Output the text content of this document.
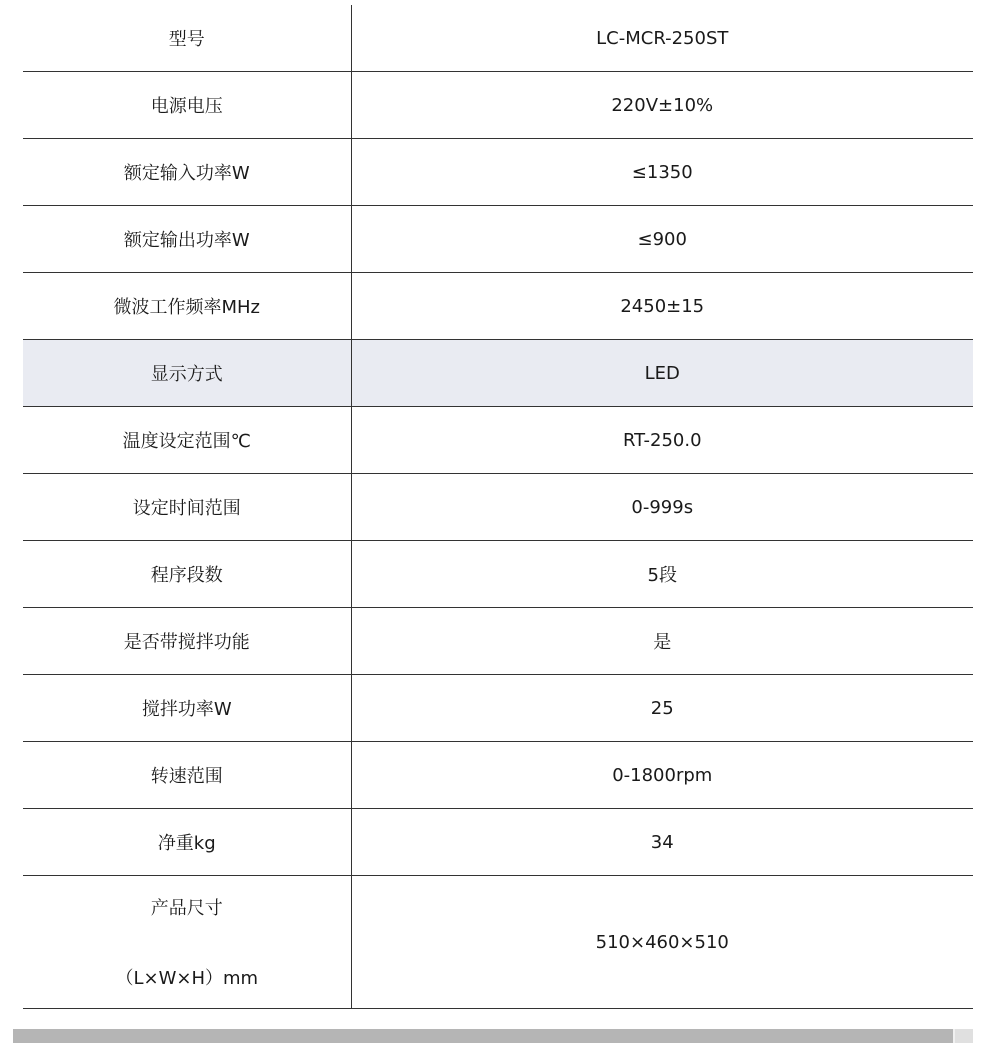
型号	LC-MCR-250ST
电源电压	220V±10%
额定输入功率W	≤1350
额定输出功率W	≤900
微波工作频率MHz	2450±15
显示方式	LED
温度设定范围℃	RT-250.0
设定时间范围	0-999s
程序段数	5段
是否带搅拌功能	是
搅拌功率W	25
转速范围	0-1800rpm
净重kg	34

产品尺寸
（L×W×H）mm	510×460×510
